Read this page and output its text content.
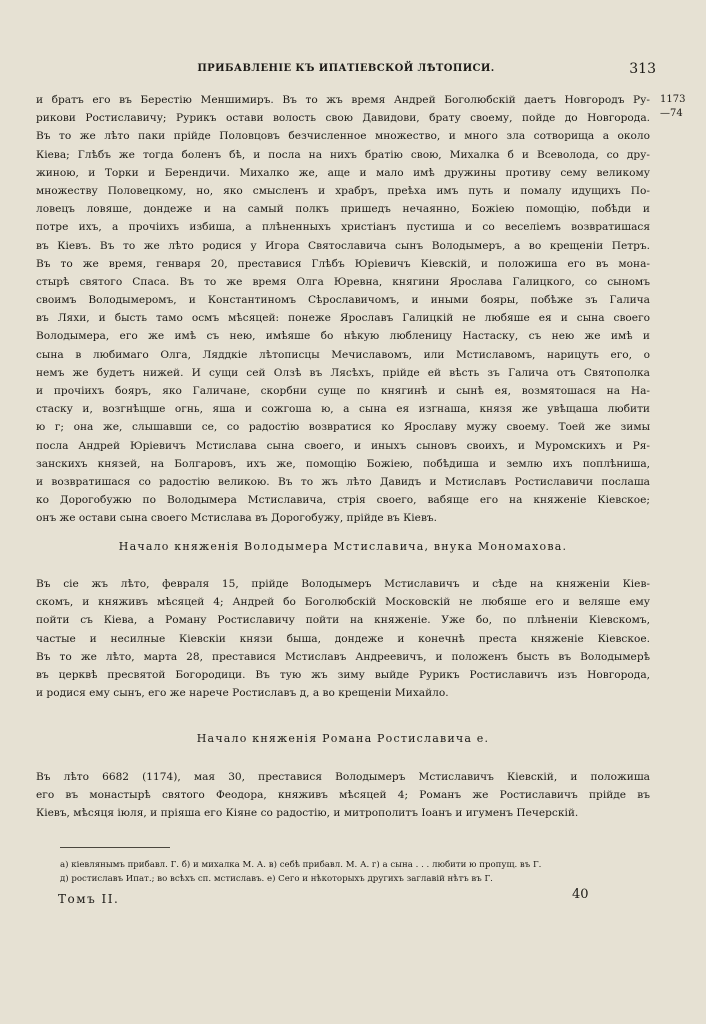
ПРИБАВЛЕНІЕ КЪ ИПАТІЕВСКОЙ ЛѢТОПИСИ.	313
1173
—74
и братъ его въ Берестію Меншимиръ. Въ то жъ время Андрей Боголюбскій даетъ Новгородъ Ру-
рикови Ростиславичу; Рурикъ остави волость свою Давидови, брату своему, пойде до Новгорода.
Въ то же лѣто паки прійде Половцовъ безчисленное множество, и много зла сотворища а около
Кіева; Глѣбъ же тогда боленъ бѣ, и посла на нихъ братію свою, Михалка б и Всеволода, со дру-
жиною, и Торки и Берендичи. Михалко же, аще и мало имѣ дружины противу сему великому
множеству Половецкому, но, яко смысленъ и храбръ, преѣха имъ путь и помалу идущихъ По-
ловецъ ловяше, дондеже и на самый полкъ пришедъ нечаянно, Божіею помощію, побѣди и
потре ихъ, а прочіихъ избиша, а плѣненныхъ христіанъ пустиша и со веселіемъ возвратишася
въ Кіевъ. Въ то же лѣто родися у Игора Святославича сынъ Володымеръ, а во крещеніи Петръ.
Въ то же время, генваря 20, преставися Глѣбъ Юріевичъ Кіевскій, и положиша его въ мона-
стырѣ святого Спаса. Въ то же время Олга Юревна, княгини Ярослава Галицкого, со сыномъ
своимъ Володымеромъ, и Константиномъ Сѣрославичомъ, и иными бояры, побѣже зъ Галича
въ Ляхи, и бысть тамо осмъ мѣсяцей: понеже Ярославъ Галицкій не любяше ея и сына своего
Володымера, его же имѣ съ нею, имѣяше бо нѣкую любленицу Настаску, съ нею же имѣ и
сына в любимаго Олга, Ляддкіе лѣтописцы Мечиславомъ, или Мстиславомъ, нарицуть его, о
немъ же будетъ нижей. И сущи сей Олзѣ въ Лясѣхъ, прійде ей вѣсть зъ Галича отъ Святополка
и прочіихъ бояръ, яко Галичане, скорбни суще по княгинѣ и сынѣ ея, возмятошася на На-
стаску и, возгнѣщше огнь, яша и сожгоша ю, а сына ея изгнаша, князя же увѣщаша любити
ю г; она же, слышавши се, со радостію возвратися ко Ярославу мужу своему. Тоей же зимы
посла Андрей Юріевичъ Мстислава сына своего, и иныхъ сыновъ своихъ, и Муромскихъ и Ря-
занскихъ князей, на Болгаровъ, ихъ же, помощію Божіею, побѣдиша и землю ихъ поплѣниша,
и возвратишася со радостію великою. Въ то жъ лѣто Давидъ и Мстиславъ Ростиславичи послаша
ко Дорогобужю по Володымера Мстиславича, стрія своего, вабяще его на княженіе Кіевское;
онъ же остави сына своего Мстислава въ Дорогобужу, прійде въ Кіевъ.
Начало княженія Володымера Мстиславича, внука Мономахова.
Въ сіе жъ лѣто, февраля 15, прійде Володымеръ Мстиславичъ и сѣде на княженіи Кіев-
скомъ, и княживъ мѣсяцей 4; Андрей бо Боголюбскій Московскій не любяше его и веляше ему
пойти съ Кіева, а Роману Ростиславичу пойти на княженіе. Уже бо, по плѣненіи Кіевскомъ,
частые и несилные Кіевскіи князи быша, дондеже и конечнѣ преста княженіе Кіевское.
Въ то же лѣто, марта 28, преставися Мстиславъ Андреевичъ, и положенъ бысть въ Володымерѣ
въ церквѣ пресвятой Богородици. Въ тую жъ зиму выйде Рурикъ Ростиславичъ изъ Новгорода,
и родися ему сынъ, его же нарече Ростиславъ д, а во крещеніи Михайло.
Начало княженія Романа Ростиславича е.
Въ лѣто 6682 (1174), мая 30, преставися Володымеръ Мстиславичъ Кіевскій, и положиша
его въ монастырѣ святого Феодора, княживъ мѣсяцей 4; Романъ же Ростиславичъ прійде въ
Кіевъ, мѣсяця іюля, и пріяша его Кіяне со радостію, и митрополитъ Іоанъ и игуменъ Печерскій.
а) кіевлянымъ прибавл. Г. б) и михалка М. А. в) себѣ прибавл. М. А. г) а сына . . . любити ю пропущ. въ Г.
д) ростиславъ Ипат.; во всѣхъ сп. мстиславъ. е) Сего и нѣкоторыхъ другихъ заглавій нѣтъ въ Г.
Томъ II.	40
